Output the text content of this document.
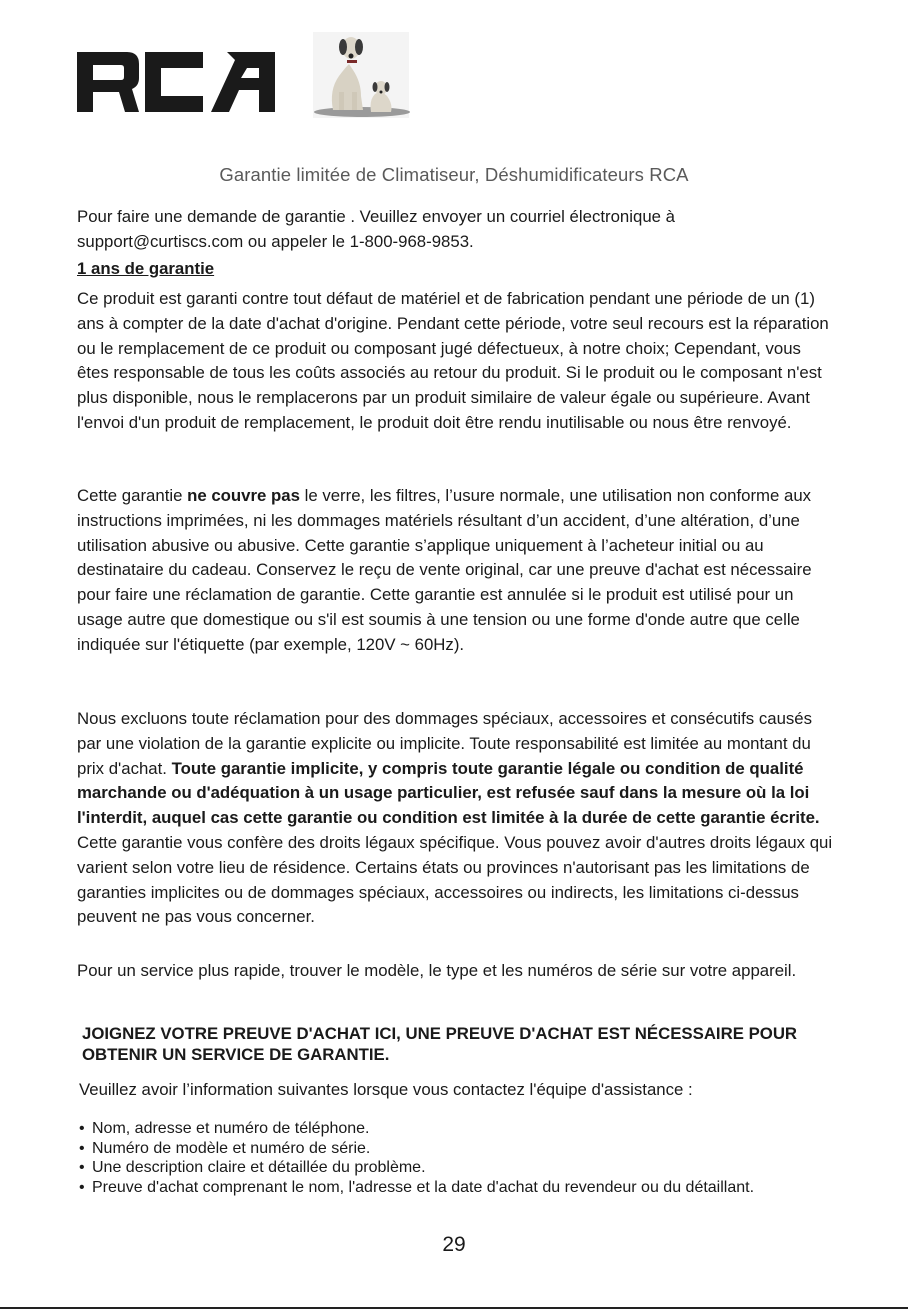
Garantie limitée de Climatiseur, Déshumidificateurs RCA
Pour faire une demande de garantie . Veuillez envoyer un courriel électronique à
support@curtiscs.com ou appeler le 1-800-968-9853.
1 ans de garantie
Ce produit est garanti contre tout défaut de matériel et de fabrication pendant une période de un (1) ans à compter de la date d'achat d'origine. Pendant cette période, votre seul recours est la réparation ou le remplacement de ce produit ou composant jugé défectueux, à notre choix; Cependant, vous êtes responsable de tous les coûts associés au retour du produit. Si le produit ou le composant n'est plus disponible, nous le remplacerons par un produit similaire de valeur égale ou supérieure. Avant l'envoi d'un produit de remplacement, le produit doit être rendu inutilisable ou nous être renvoyé.
Cette garantie ne couvre pas le verre, les filtres, l’usure normale, une utilisation non conforme aux instructions imprimées, ni les dommages matériels résultant d’un accident, d’une altération, d’une utilisation abusive ou abusive. Cette garantie s’applique uniquement à l’acheteur initial ou au destinataire du cadeau. Conservez le reçu de vente original, car une preuve d'achat est nécessaire pour faire une réclamation de garantie. Cette garantie est annulée si le produit est utilisé pour un usage autre que domestique ou s'il est soumis à une tension ou une forme d'onde autre que celle indiquée sur l'étiquette (par exemple, 120V ~ 60Hz).
Nous excluons toute réclamation pour des dommages spéciaux, accessoires et consécutifs causés par une violation de la garantie explicite ou implicite. Toute responsabilité est limitée au montant du prix d'achat. Toute garantie implicite, y compris toute garantie légale ou condition de qualité marchande ou d'adéquation à un usage particulier, est refusée sauf dans la mesure où la loi l'interdit, auquel cas cette garantie ou condition est limitée à la durée de cette garantie écrite. Cette garantie vous confère des droits légaux spécifique. Vous pouvez avoir d'autres droits légaux qui varient selon votre lieu de résidence. Certains états ou provinces n'autorisant pas les limitations de garanties implicites ou de dommages spéciaux, accessoires ou indirects, les limitations ci-dessus peuvent ne pas vous concerner.
Pour un service plus rapide, trouver le modèle, le type et les numéros de série sur votre appareil.
JOIGNEZ VOTRE PREUVE D'ACHAT ICI, UNE PREUVE D'ACHAT EST NÉCESSAIRE POUR OBTENIR UN SERVICE DE GARANTIE.
Veuillez avoir l’information suivantes lorsque vous contactez l'équipe d'assistance :
• Nom, adresse et numéro de téléphone.
• Numéro de modèle et numéro de série.
• Une description claire et détaillée du problème.
• Preuve d'achat comprenant le nom, l'adresse et la date d'achat du revendeur ou du détaillant.
29
